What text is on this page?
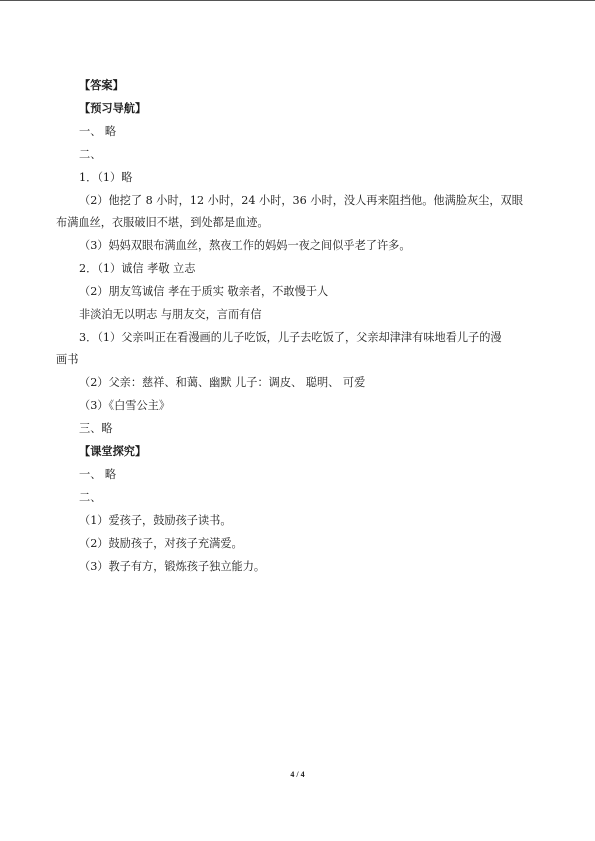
【答案】
【预习导航】
一、 略
二、
1．（1）略
（2）他挖了 8 小时，12 小时，24 小时，36 小时，没人再来阻挡他。他满脸灰尘，双眼
布满血丝，衣服破旧不堪，到处都是血迹。
（3）妈妈双眼布满血丝，熬夜工作的妈妈一夜之间似乎老了许多。
2．（1）诚信 孝敬 立志
（2）朋友笃诚信 孝在于质实 敬亲者，不敢慢于人
非淡泊无以明志 与朋友交，言而有信
3．（1）父亲叫正在看漫画的儿子吃饭，儿子去吃饭了，父亲却津津有味地看儿子的漫
画书
（2）父亲：慈祥、和蔼、幽默 儿子：调皮、 聪明、 可爱
（3）《白雪公主》
三、略
【课堂探究】
一、 略
二、
（1）爱孩子，鼓励孩子读书。
（2）鼓励孩子，对孩子充满爱。
（3）教子有方，锻炼孩子独立能力。
4 / 4
